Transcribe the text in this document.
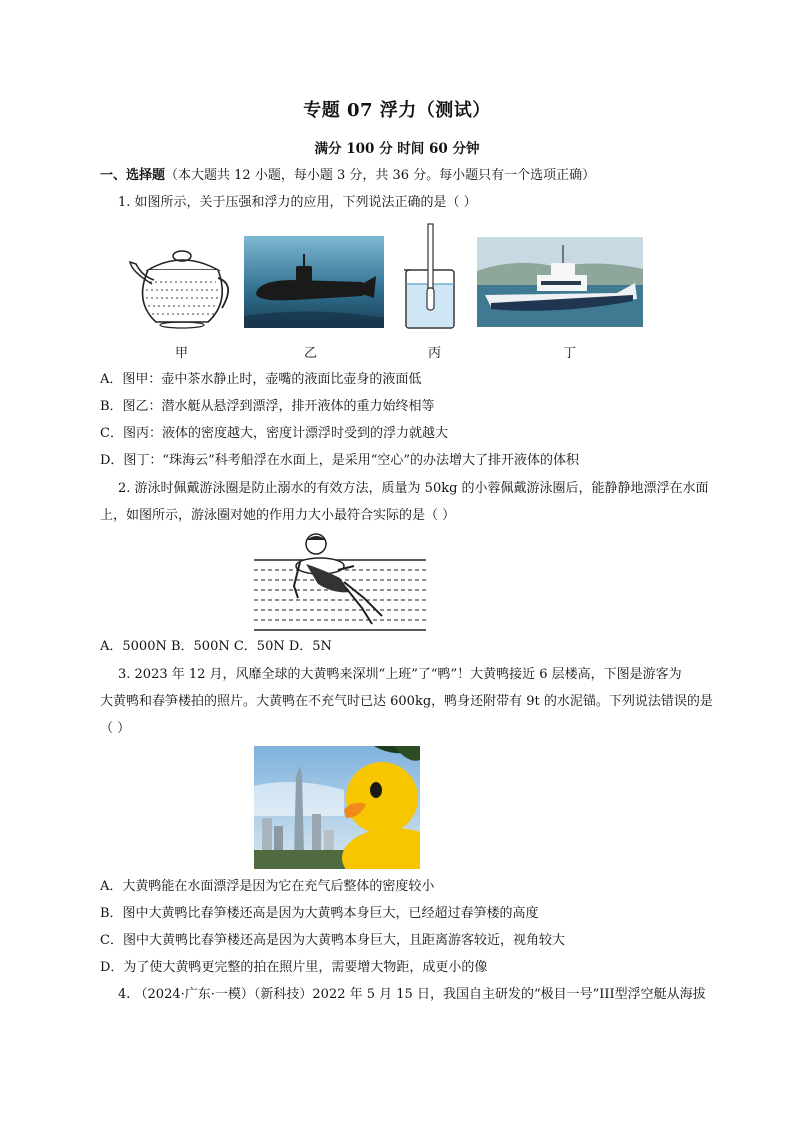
专题 07 浮力（测试）
满分 100 分 时间 60 分钟
一、选择题（本大题共 12 小题，每小题 3 分，共 36 分。每小题只有一个选项正确）
1. 如图所示，关于压强和浮力的应用，下列说法正确的是（ ）
甲	乙	丙	丁
A．图甲：壶中茶水静止时，壶嘴的液面比壶身的液面低
B．图乙：潜水艇从悬浮到漂浮，排开液体的重力始终相等
C．图丙：液体的密度越大，密度计漂浮时受到的浮力就越大
D．图丁：“珠海云”科考船浮在水面上，是采用“空心”的办法增大了排开液体的体积
2. 游泳时佩戴游泳圈是防止溺水的有效方法，质量为 50kg 的小蓉佩戴游泳圈后，能静静地漂浮在水面
上，如图所示，游泳圈对她的作用力大小最符合实际的是（ ）
A．5000N B．500N C．50N D．5N
3. 2023 年 12 月，风靡全球的大黄鸭来深圳“上班”了“鸭”！大黄鸭接近 6 层楼高，下图是游客为
大黄鸭和春笋楼拍的照片。大黄鸭在不充气时已达 600kg，鸭身还附带有 9t 的水泥锚。下列说法错误的是
（ ）
A．大黄鸭能在水面漂浮是因为它在充气后整体的密度较小
B．图中大黄鸭比春笋楼还高是因为大黄鸭本身巨大，已经超过春笋楼的高度
C．图中大黄鸭比春笋楼还高是因为大黄鸭本身巨大，且距离游客较近，视角较大
D．为了使大黄鸭更完整的拍在照片里，需要增大物距，成更小的像
4. （2024·广东·一模）（新科技）2022 年 5 月 15 日，我国自主研发的“极目一号”III型浮空艇从海拔
